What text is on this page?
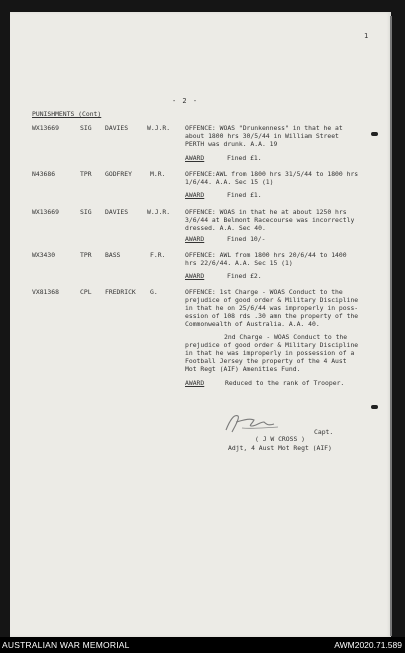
1
- 2 -
PUNISHMENTS (Cont)
WX13669	SIG DAVIES	W.J.R. OFFENCE: WOAS "Drunkenness" in that he at
about 1800 hrs 30/5/44 in William Street
PERTH was drunk. A.A. 19
AWARD	Fined £1.
N43686	TPR GODFREY	M.R.	OFFENCE:AWL from 1800 hrs 31/5/44 to 1800 hrs
1/6/44. A.A. Sec 15 (1)
AWARD	Fined £1.
WX13669	SIG DAVIES	W.J.R. OFFENCE: WOAS in that he at about 1250 hrs
3/6/44 at Belmont Racecourse was incorrectly
dressed. A.A. Sec 40.
AWARD	Fined 10/-
WX3430	TPR BASS	F.R.	OFFENCE: AWL from 1800 hrs 20/6/44 to 1400
hrs 22/6/44. A.A. Sec 15 (1)
AWARD	Fined £2.
VX81368	CPL FREDRICK G.	OFFENCE: 1st Charge - WOAS Conduct to the
prejudice of good order & Military Discipline
in that he on 25/6/44 was improperly in poss-
ession of 108 rds .30 amn the property of the
Commonwealth of Australia. A.A. 40.
2nd Charge - WOAS Conduct to the
prejudice of good order & Military Discipline
in that he was improperly in possession of a
Football Jersey the property of the 4 Aust
Mot Regt (AIF) Amenities Fund.
AWARD	Reduced to the rank of Trooper.
Capt.
( J W CROSS )
Adjt, 4 Aust Mot Regt (AIF)
AUSTRALIAN WAR MEMORIAL	AWM2020.71.589
